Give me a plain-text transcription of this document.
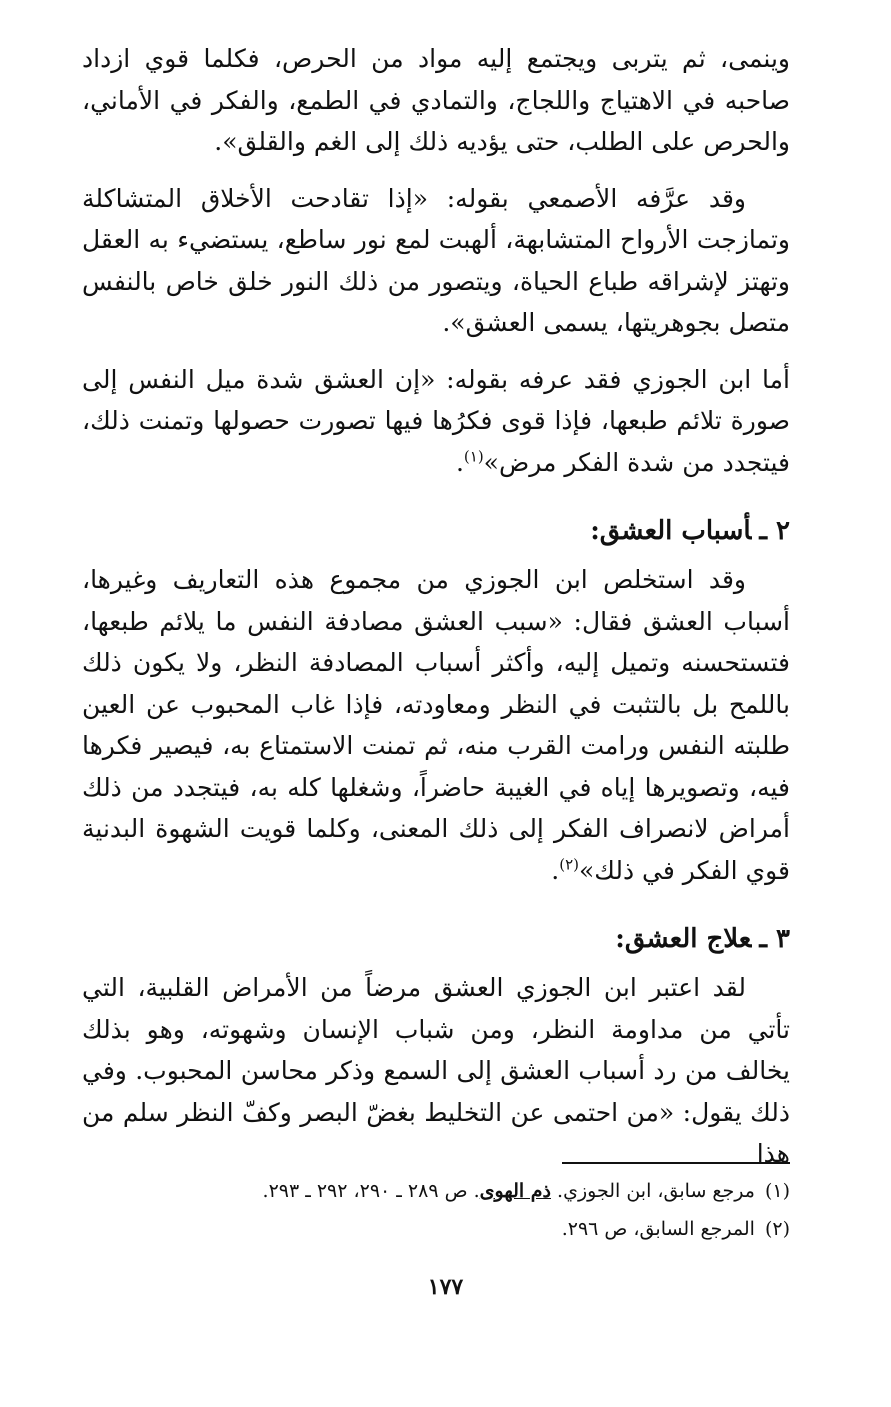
وينمى، ثم يتربى ويجتمع إليه مواد من الحرص، فكلما قوي ازداد صاحبه في الاهتياج واللجاج، والتمادي في الطمع، والفكر في الأماني، والحرص على الطلب، حتى يؤديه ذلك إلى الغم والقلق».

وقد عرَّفه الأصمعي بقوله: «إذا تقادحت الأخلاق المتشاكلة وتمازجت الأرواح المتشابهة، ألهبت لمع نور ساطع، يستضيء به العقل وتهتز لإشراقه طباع الحياة، ويتصور من ذلك النور خلق خاص بالنفس متصل بجوهريتها، يسمى العشق».

أما ابن الجوزي فقد عرفه بقوله: «إن العشق شدة ميل النفس إلى صورة تلائم طبعها، فإذا قوى فكرُها فيها تصورت حصولها وتمنت ذلك، فيتجدد من شدة الفكر مرض»$^{(١)}$.

٢ ـأسباب العشق:

وقد استخلص ابن الجوزي من مجموع هذه التعاريف وغيرها، أسباب العشق فقال: «سبب العشق مصادفة النفس ما يلائم طبعها، فتستحسنه وتميل إليه، وأكثر أسباب المصادفة النظر، ولا يكون ذلك باللمح بل بالتثبت في النظر ومعاودته، فإذا غاب المحبوب عن العين طلبته النفس ورامت القرب منه، ثم تمنت الاستمتاع به، فيصير فكرها فيه، وتصويرها إياه في الغيبة حاضراً، وشغلها كله به، فيتجدد من ذلك أمراض لانصراف الفكر إلى ذلك المعنى، وكلما قويت الشهوة البدنية قوي الفكر في ذلك»$^{(٢)}$.

٣ ـعلاج العشق:

لقد اعتبر ابن الجوزي العشق مرضاً من الأمراض القلبية، التي تأتي من مداومة النظر، ومن شباب الإنسان وشهوته، وهو بذلك يخالف من رد أسباب العشق إلى السمع وذكر محاسن المحبوب. وفي ذلك يقول: «من احتمى عن التخليط بغضّ البصر وكفّ النظر سلم من هذا

(١)مرجع سابق، ابن الجوزي. ذم الهوى. ص ٢٨٩ ـ ٢٩٠، ٢٩٢ ـ ٢٩٣.

(٢)المرجع السابق، ص ٢٩٦.

١٧٧
